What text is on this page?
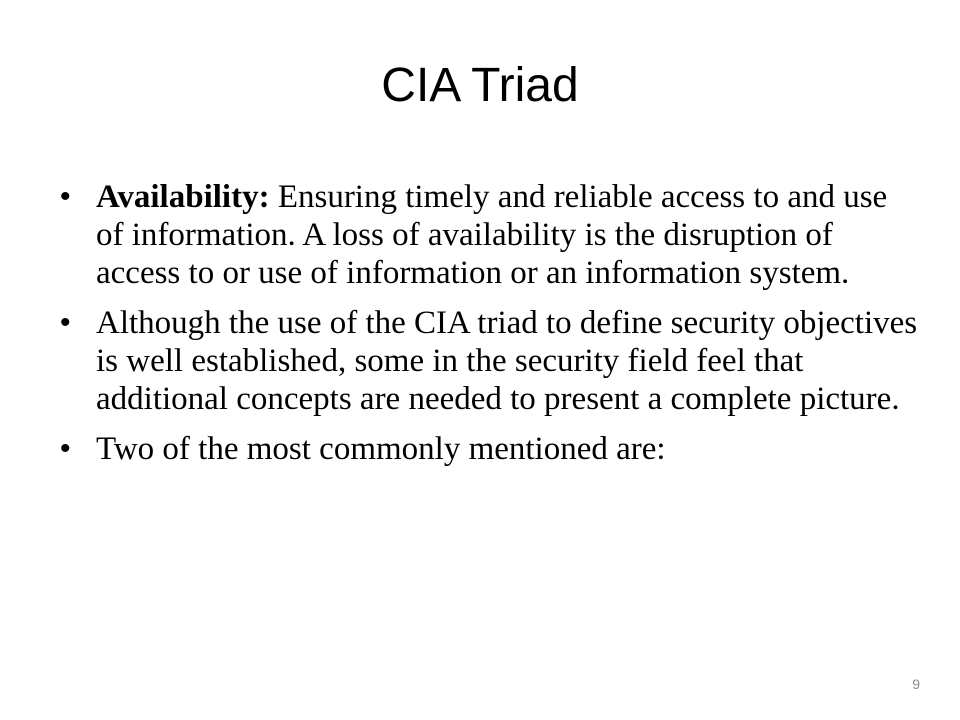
CIA Triad
• Availability: Ensuring timely and reliable access to and use of information. A loss of availability is the disruption of access to or use of information or an information system.
• Although the use of the CIA triad to define security objectives is well established, some in the security field feel that additional concepts are needed to present a complete picture.
• Two of the most commonly mentioned are:
9
